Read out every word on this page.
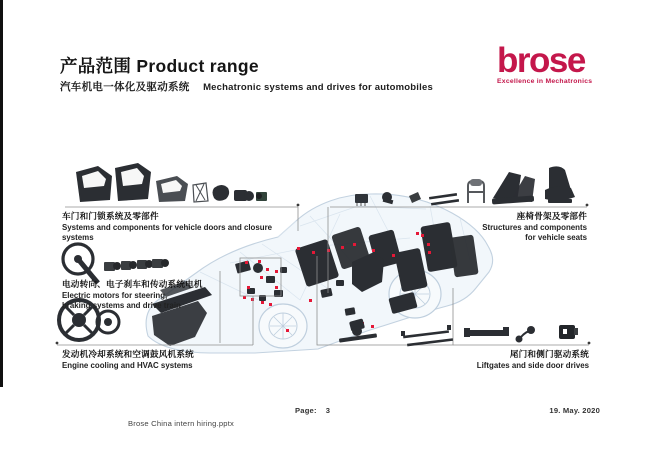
产品范围 Product range
汽车机电一体化及驱动系统 Mechatronic systems and drives for automobiles
brose
Excellence in Mechatronics
车门和门锁系统及零部件
Systems and components for vehicle doors and closure
systems
电动转向、电子刹车和传动系统电机
Electric motors for steering,
braking systems and drive train
发动机冷却系统和空调鼓风机系统
Engine cooling and HVAC systems
座椅骨架及零部件
Structures and components
for vehicle seats
尾门和侧门驱动系统
Liftgates and side door drives
Page: 3	19. May. 2020
Brose China intern hiring.pptx
